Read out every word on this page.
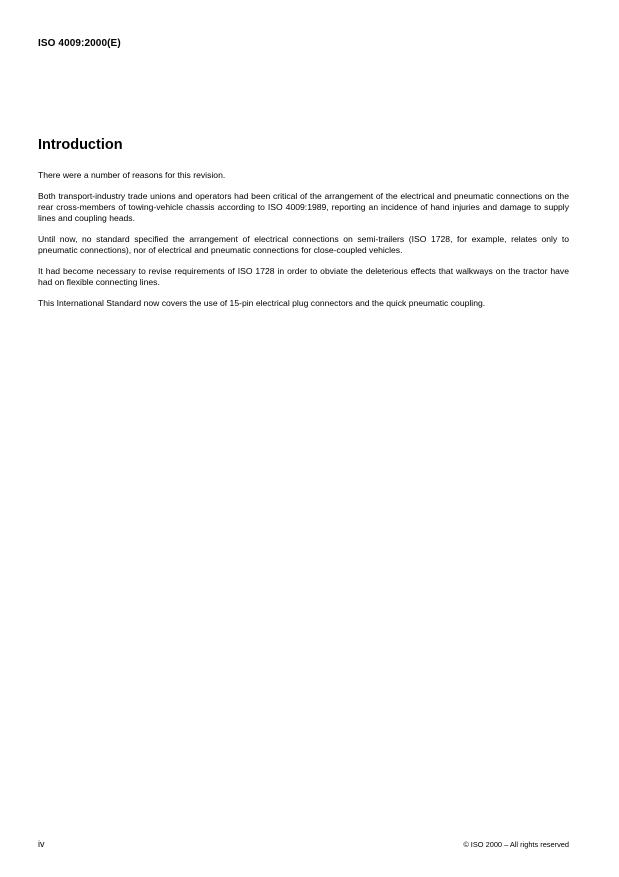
ISO 4009:2000(E)
Introduction

There were a number of reasons for this revision.

Both transport-industry trade unions and operators had been critical of the arrangement of the electrical and pneumatic connections on the rear cross-members of towing-vehicle chassis according to ISO 4009:1989, reporting an incidence of hand injuries and damage to supply lines and coupling heads.

Until now, no standard specified the arrangement of electrical connections on semi-trailers (ISO 1728, for example, relates only to pneumatic connections), nor of electrical and pneumatic connections for close-coupled vehicles.

It had become necessary to revise requirements of ISO 1728 in order to obviate the deleterious effects that walkways on the tractor have had on flexible connecting lines.

This International Standard now covers the use of 15-pin electrical plug connectors and the quick pneumatic coupling.

iv	© ISO 2000 – All rights reserved
